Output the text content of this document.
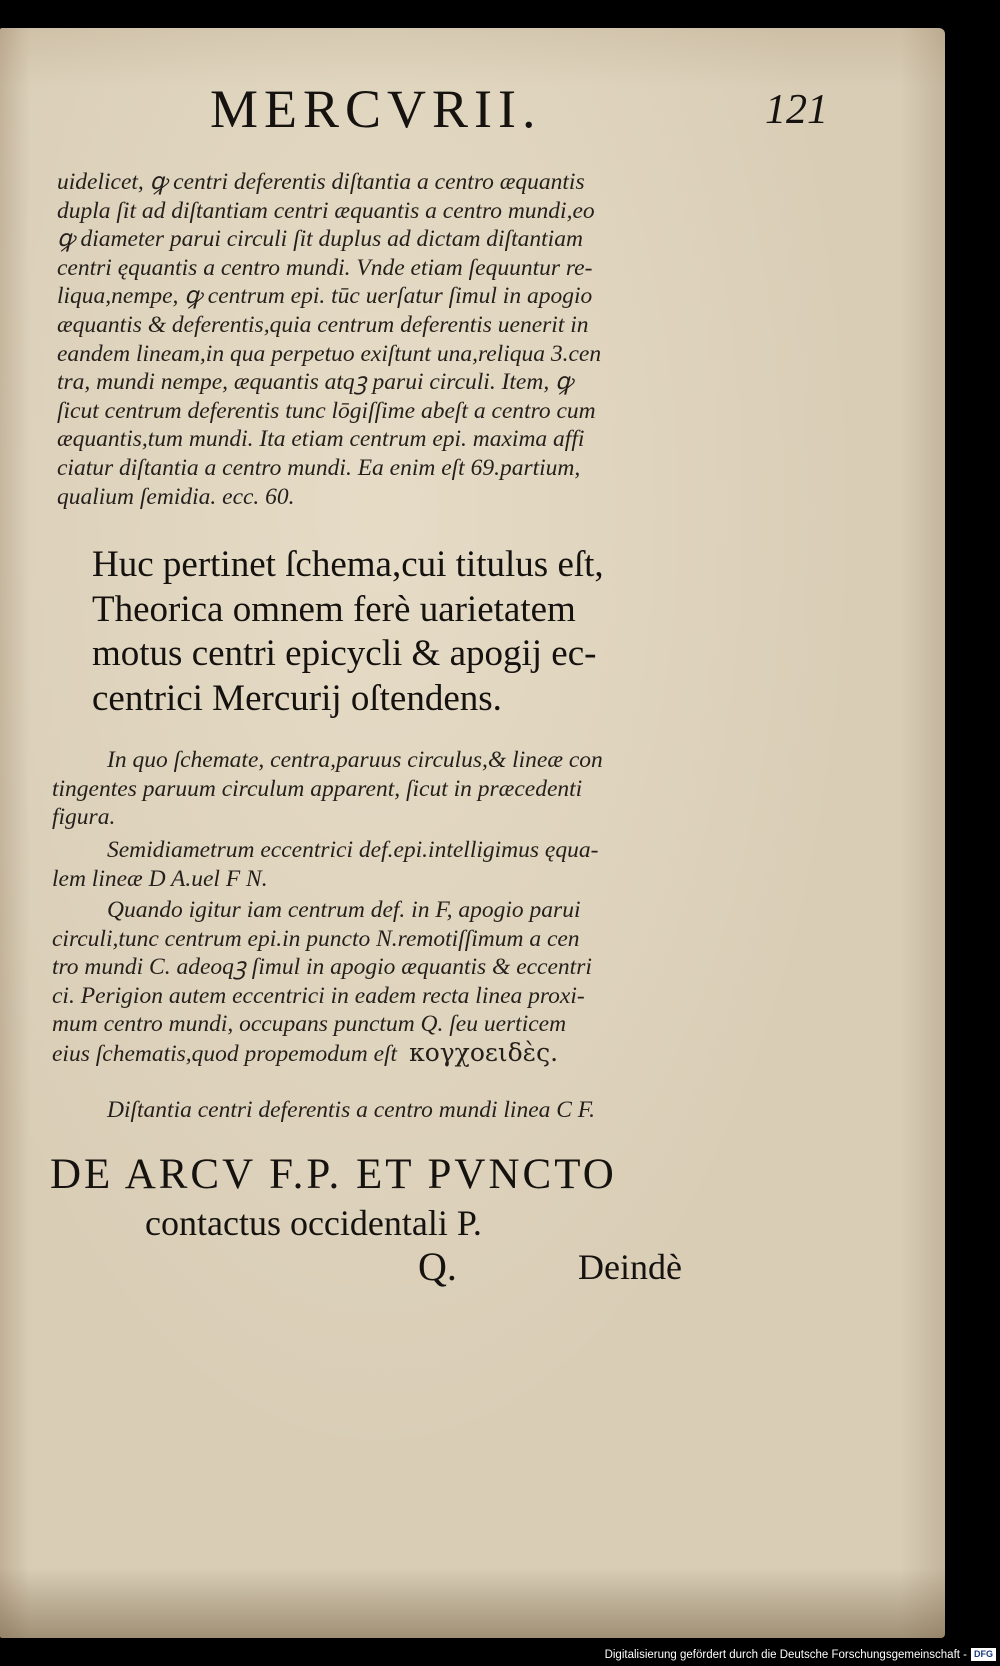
MERCVRII.	121
uidelicet, ꝙ centri deferentis diſtantia a centro æquantis
dupla ſit ad diſtantiam centri æquantis a centro mundi,eo
ꝙ diameter parui circuli ſit duplus ad dictam diſtantiam
centri ęquantis a centro mundi. Vnde etiam ſequuntur re-
liqua,nempe, ꝙ centrum epi. tūc uerſatur ſimul in apogio
æquantis & deferentis,quia centrum deferentis uenerit in
eandem lineam,in qua perpetuo exiſtunt una,reliqua 3.cen
tra, mundi nempe, æquantis atqꝫ parui circuli. Item, ꝙ
ſicut centrum deferentis tunc lōgiſſime abeſt a centro cum
æquantis,tum mundi. Ita etiam centrum epi. maxima affi
ciatur diſtantia a centro mundi. Ea enim eſt 69.partium,
qualium ſemidia. ecc. 60.
Huc pertinet ſchema,cui titulus eſt,
Theorica omnem ferè uarietatem
motus centri epicycli & apogij ec-
centrici Mercurij oſtendens.
In quo ſchemate, centra,paruus circulus,& lineæ con
tingentes paruum circulum apparent, ſicut in præcedenti
figura.
Semidiametrum eccentrici def.epi.intelligimus ęqua-
lem lineæ D A.uel F N.
Quando igitur iam centrum def. in F, apogio parui
circuli,tunc centrum epi.in puncto N.remotiſſimum a cen
tro mundi C. adeoqꝫ ſimul in apogio æquantis & eccentri
ci. Perigion autem eccentrici in eadem recta linea proxi-
mum centro mundi, occupans punctum Q. ſeu uerticem
eius ſchematis,quod propemodum eſt κογχοειδὲς.
Diſtantia centri deferentis a centro mundi linea C F.
DE ARCV F.P. ET PVNCTO
contactus occidentali P.
Q.	Deindè
Digitalisierung gefördert durch die Deutsche Forschungsgemeinschaft - DFG
